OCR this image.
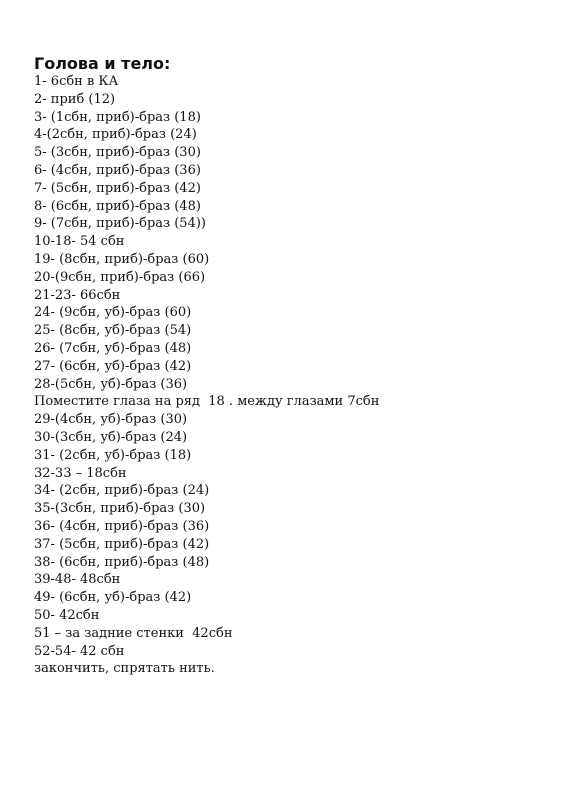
Голова и тело:
1- 6сбн в КА
2- приб (12)
3- (1сбн, приб)-браз (18)
4-(2сбн, приб)-браз (24)
5- (3сбн, приб)-браз (30)
6- (4сбн, приб)-браз (36)
7- (5сбн, приб)-браз (42)
8- (6сбн, приб)-браз (48)
9- (7сбн, приб)-браз (54))
10-18- 54 сбн
19- (8сбн, приб)-браз (60)
20-(9сбн, приб)-браз (66)
21-23- 66сбн
24- (9сбн, уб)-браз (60)
25- (8сбн, уб)-браз (54)
26- (7сбн, уб)-браз (48)
27- (6сбн, уб)-браз (42)
28-(5сбн, уб)-браз (36)
Поместите глаза на ряд  18 . между глазами 7сбн
29-(4сбн, уб)-браз (30)
30-(3сбн, уб)-браз (24)
31- (2сбн, уб)-браз (18)
32-33 – 18сбн
34- (2сбн, приб)-браз (24)
35-(3сбн, приб)-браз (30)
36- (4сбн, приб)-браз (36)
37- (5сбн, приб)-браз (42)
38- (6сбн, приб)-браз (48)
39-48- 48сбн
49- (6сбн, уб)-браз (42)
50- 42сбн
51 – за задние стенки  42сбн
52-54- 42 сбн
закончить, спрятать нить.
